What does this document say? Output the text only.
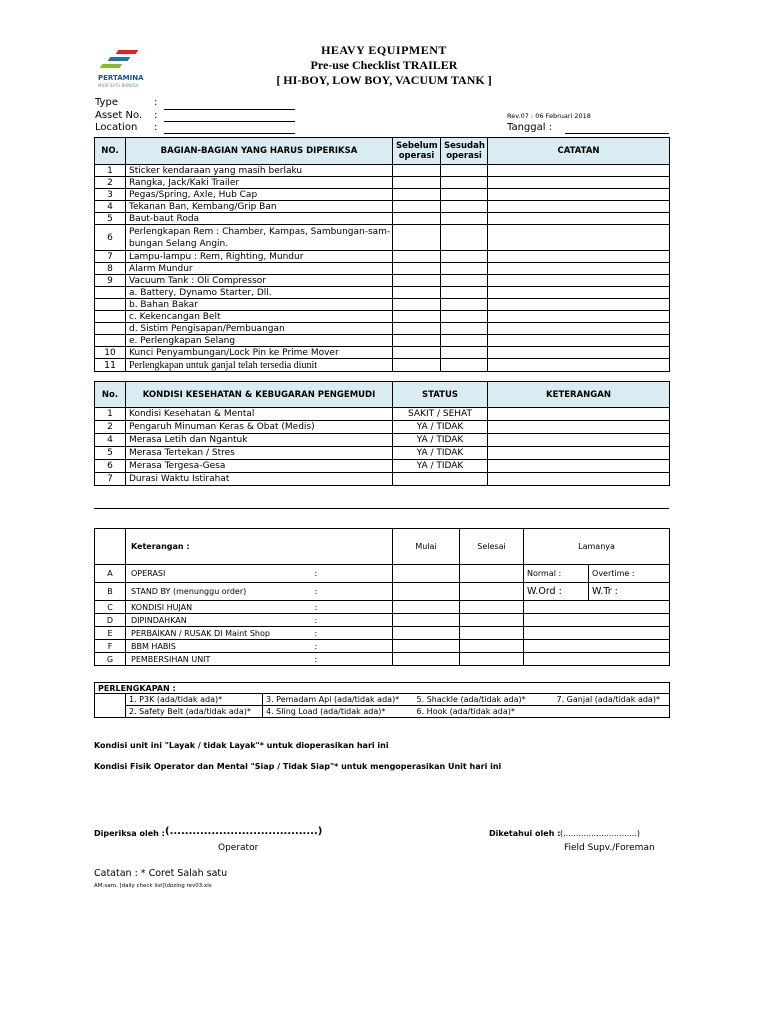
PERTAMINA
MILIK SATU BANGSA
HEAVY EQUIPMENT
Pre-use Checklist TRAILER
[ HI-BOY, LOW BOY, VACUUM TANK ]
Type	:
Asset No. :
Location :
Rev.07 : 06 Februari 2018
Tanggal :
NO.	BAGIAN-BAGIAN YANG HARUS DIPERIKSA	Sebelum operasi	Sesudah operasi	CATATAN
1	Sticker kendaraan yang masih berlaku			
2	Rangka, Jack/Kaki Trailer			
3	Pegas/Spring, Axle, Hub Cap			
4	Tekanan Ban, Kembang/Grip Ban			
5	Baut-baut Roda			
6	Perlengkapan Rem : Chamber, Kampas, Sambungan-sam-
bungan Selang Angin.			

7	Lampu-lampu : Rem, Righting, Mundur			
8	Alarm Mundur			
9	Vacuum Tank : Oli Compressor			
	a. Battery, Dynamo Starter, Dll.			
	b. Bahan Bakar			
	c. Kekencangan Belt			
	d. Sistim Pengisapan/Pembuangan			
	e. Perlengkapan Selang			
10	Kunci Penyambungan/Lock Pin ke Prime Mover			
11	Perlengkapan untuk ganjal telah tersedia diunit			
No.	KONDISI KESEHATAN & KEBUGARAN PENGEMUDI	STATUS	KETERANGAN
1	Kondisi Kesehatan & Mental	SAKIT / SEHAT	
2	Pengaruh Minuman Keras & Obat (Medis)	YA / TIDAK	
4	Merasa Letih dan Ngantuk	YA / TIDAK	
5	Merasa Tertekan / Stres	YA / TIDAK	
6	Merasa Tergesa-Gesa	YA / TIDAK	
7	Durasi Waktu Istirahat		
	Keterangan :		Mulai	Selesai	Lamanya	
A	OPERASI	:			Normal :	Overtime :
B	STAND BY (menunggu order)	:			W.Ord :	W.Tr :
C	KONDISI HUJAN	:				
D	DIPINDAHKAN	:				
E	PERBAIKAN / RUSAK DI Maint Shop	:				
F	BBM HABIS	:				
G	PEMBERSIHAN UNIT	:				
PERLENGKAPAN :				
	1. P3K (ada/tidak ada)*	3. Pemadam Api (ada/tidak ada)*	5. Shackle (ada/tidak ada)*	7. Ganjal (ada/tidak ada)*
	2. Safety Belt (ada/tidak ada)*	4. Sling Load (ada/tidak ada)*	6. Hook (ada/tidak ada)*	
Kondisi unit ini "Layak / tidak Layak"* untuk dioperasikan hari ini
Kondisi Fisik Operator dan Mental "Siap / Tidak Siap"* untuk mengoperasikan Unit hari ini
Diperiksa oleh : (.......................................)
Operator
Diketahui oleh : (.............................)
Field Supv./Foreman
Catatan : * Coret Salah satu
AM:sam. [daily check list]\dozing rev03.xls
